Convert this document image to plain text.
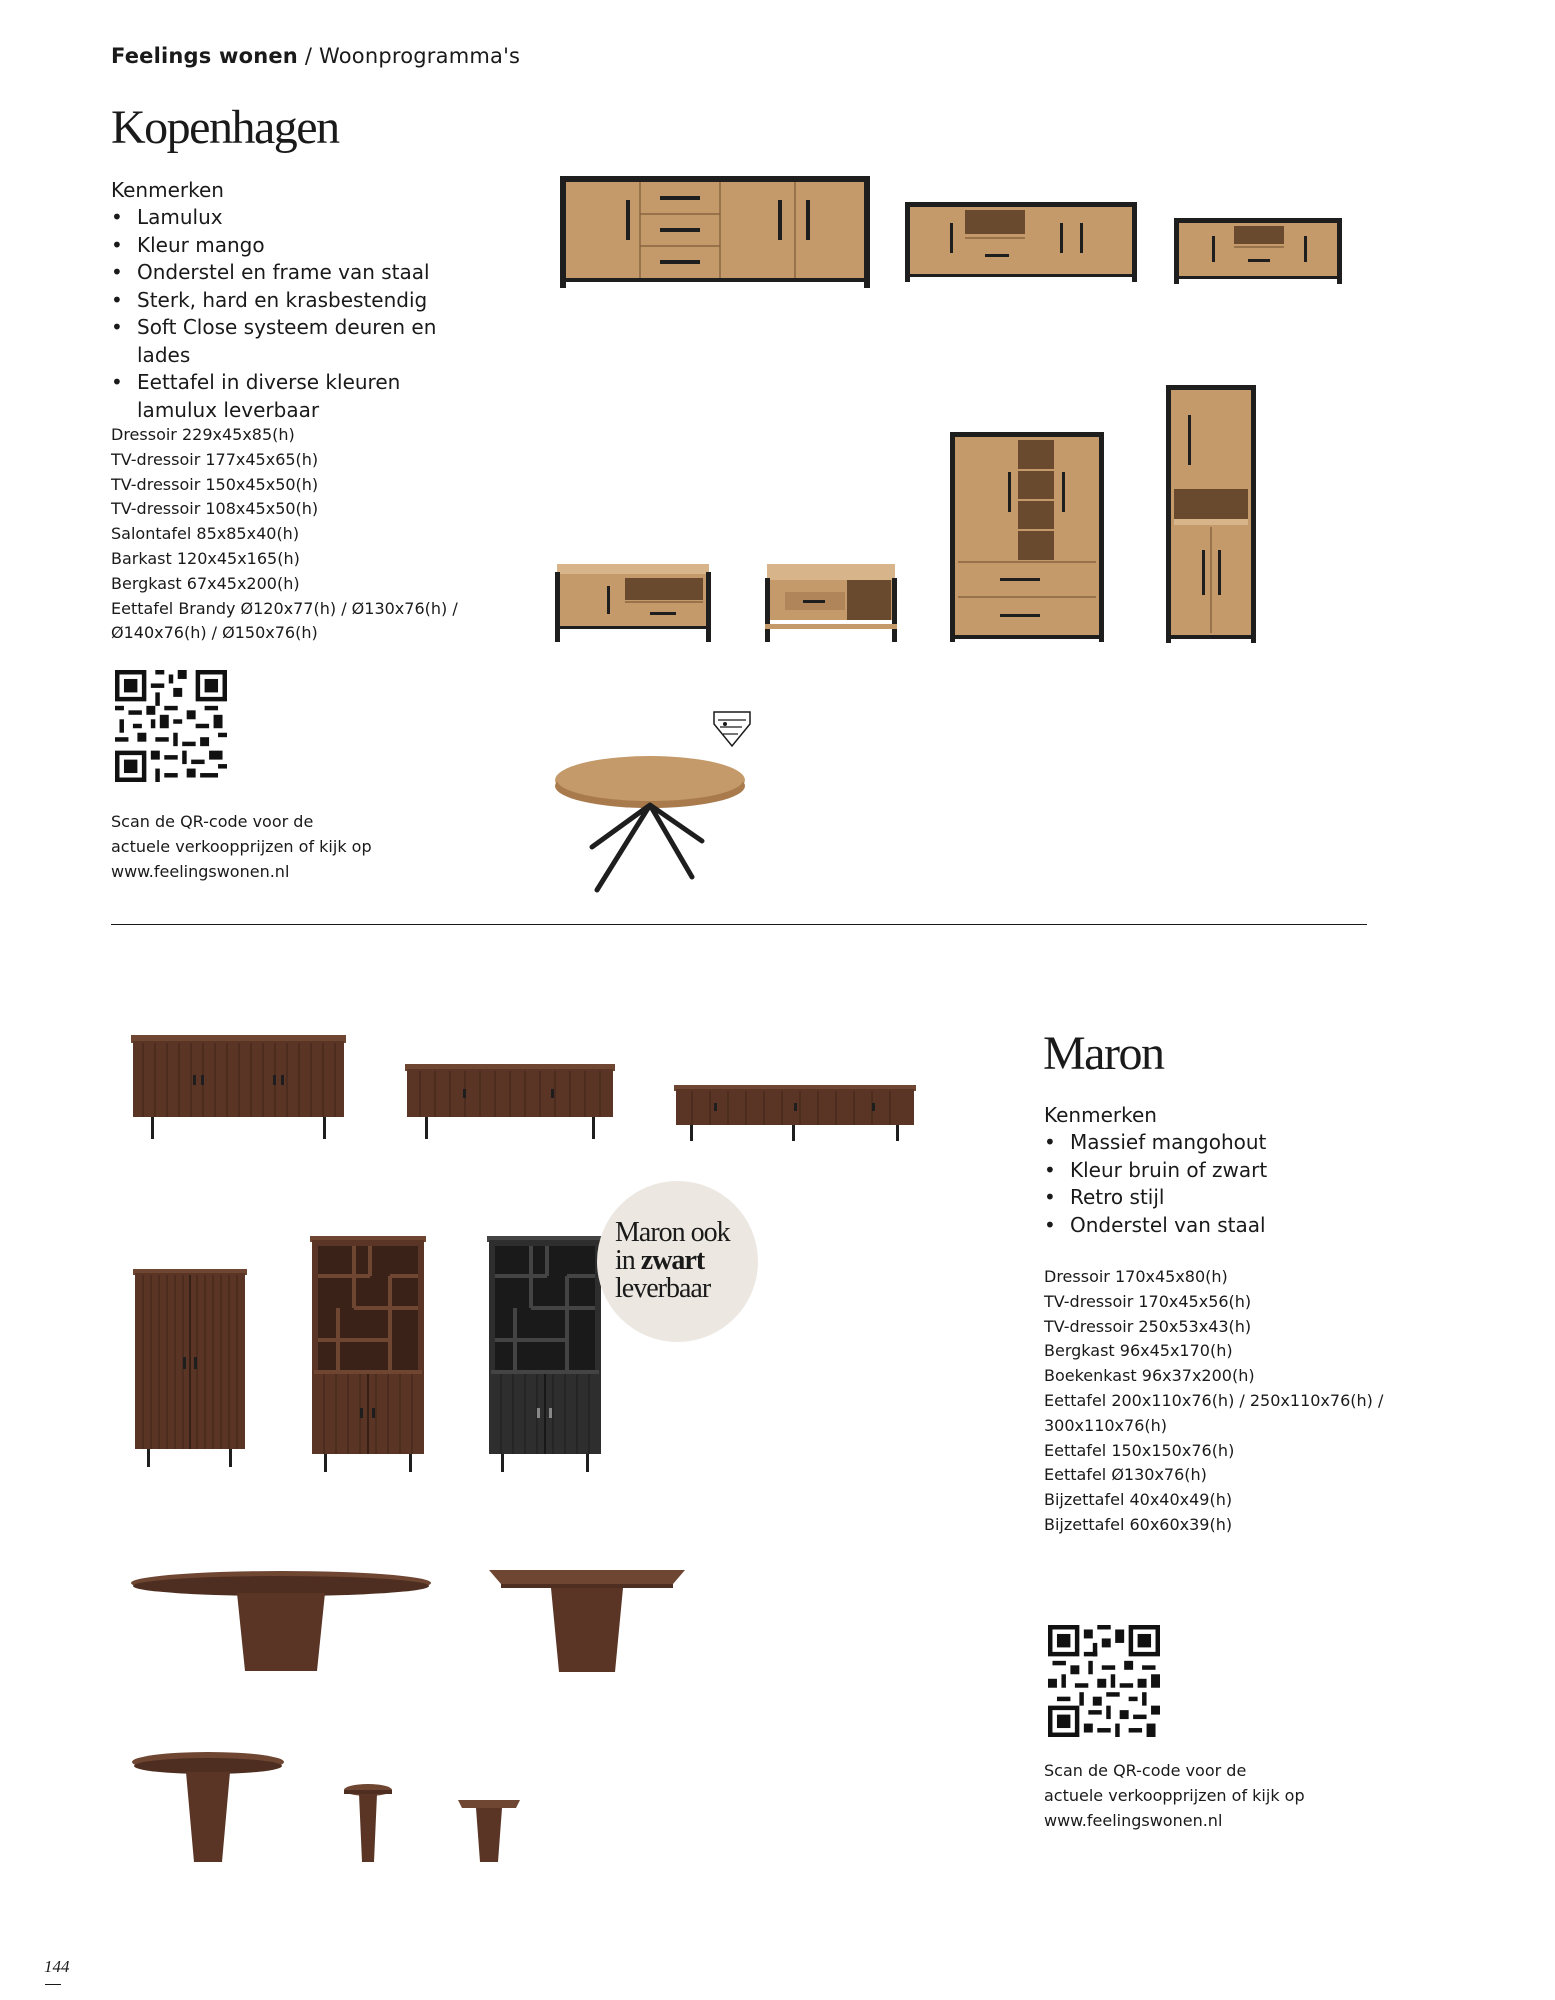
Feelings wonen / Woonprogramma's
Kopenhagen
Kenmerken
• Lamulux
• Kleur mango
• Onderstel en frame van staal
• Sterk, hard en krasbestendig
• Soft Close systeem deuren en lades
• Eettafel in diverse kleuren lamulux leverbaar
Dressoir 229x45x85(h)
TV-dressoir 177x45x65(h)
TV-dressoir 150x45x50(h)
TV-dressoir 108x45x50(h)
Salontafel 85x85x40(h)
Barkast 120x45x165(h)
Bergkast 67x45x200(h)
Eettafel Brandy Ø120x77(h) / Ø130x76(h) /
Ø140x76(h) / Ø150x76(h)
Scan de QR-code voor de
actuele verkoopprijzen of kijk op
www.feelingswonen.nl
Maron ook
in zwart
leverbaar
Maron
Kenmerken
• Massief mangohout
• Kleur bruin of zwart
• Retro stijl
• Onderstel van staal
Dressoir 170x45x80(h)
TV-dressoir 170x45x56(h)
TV-dressoir 250x53x43(h)
Bergkast 96x45x170(h)
Boekenkast 96x37x200(h)
Eettafel 200x110x76(h) / 250x110x76(h) /
300x110x76(h)
Eettafel 150x150x76(h)
Eettafel Ø130x76(h)
Bijzettafel 40x40x49(h)
Bijzettafel 60x60x39(h)
Scan de QR-code voor de
actuele verkoopprijzen of kijk op
www.feelingswonen.nl
144
